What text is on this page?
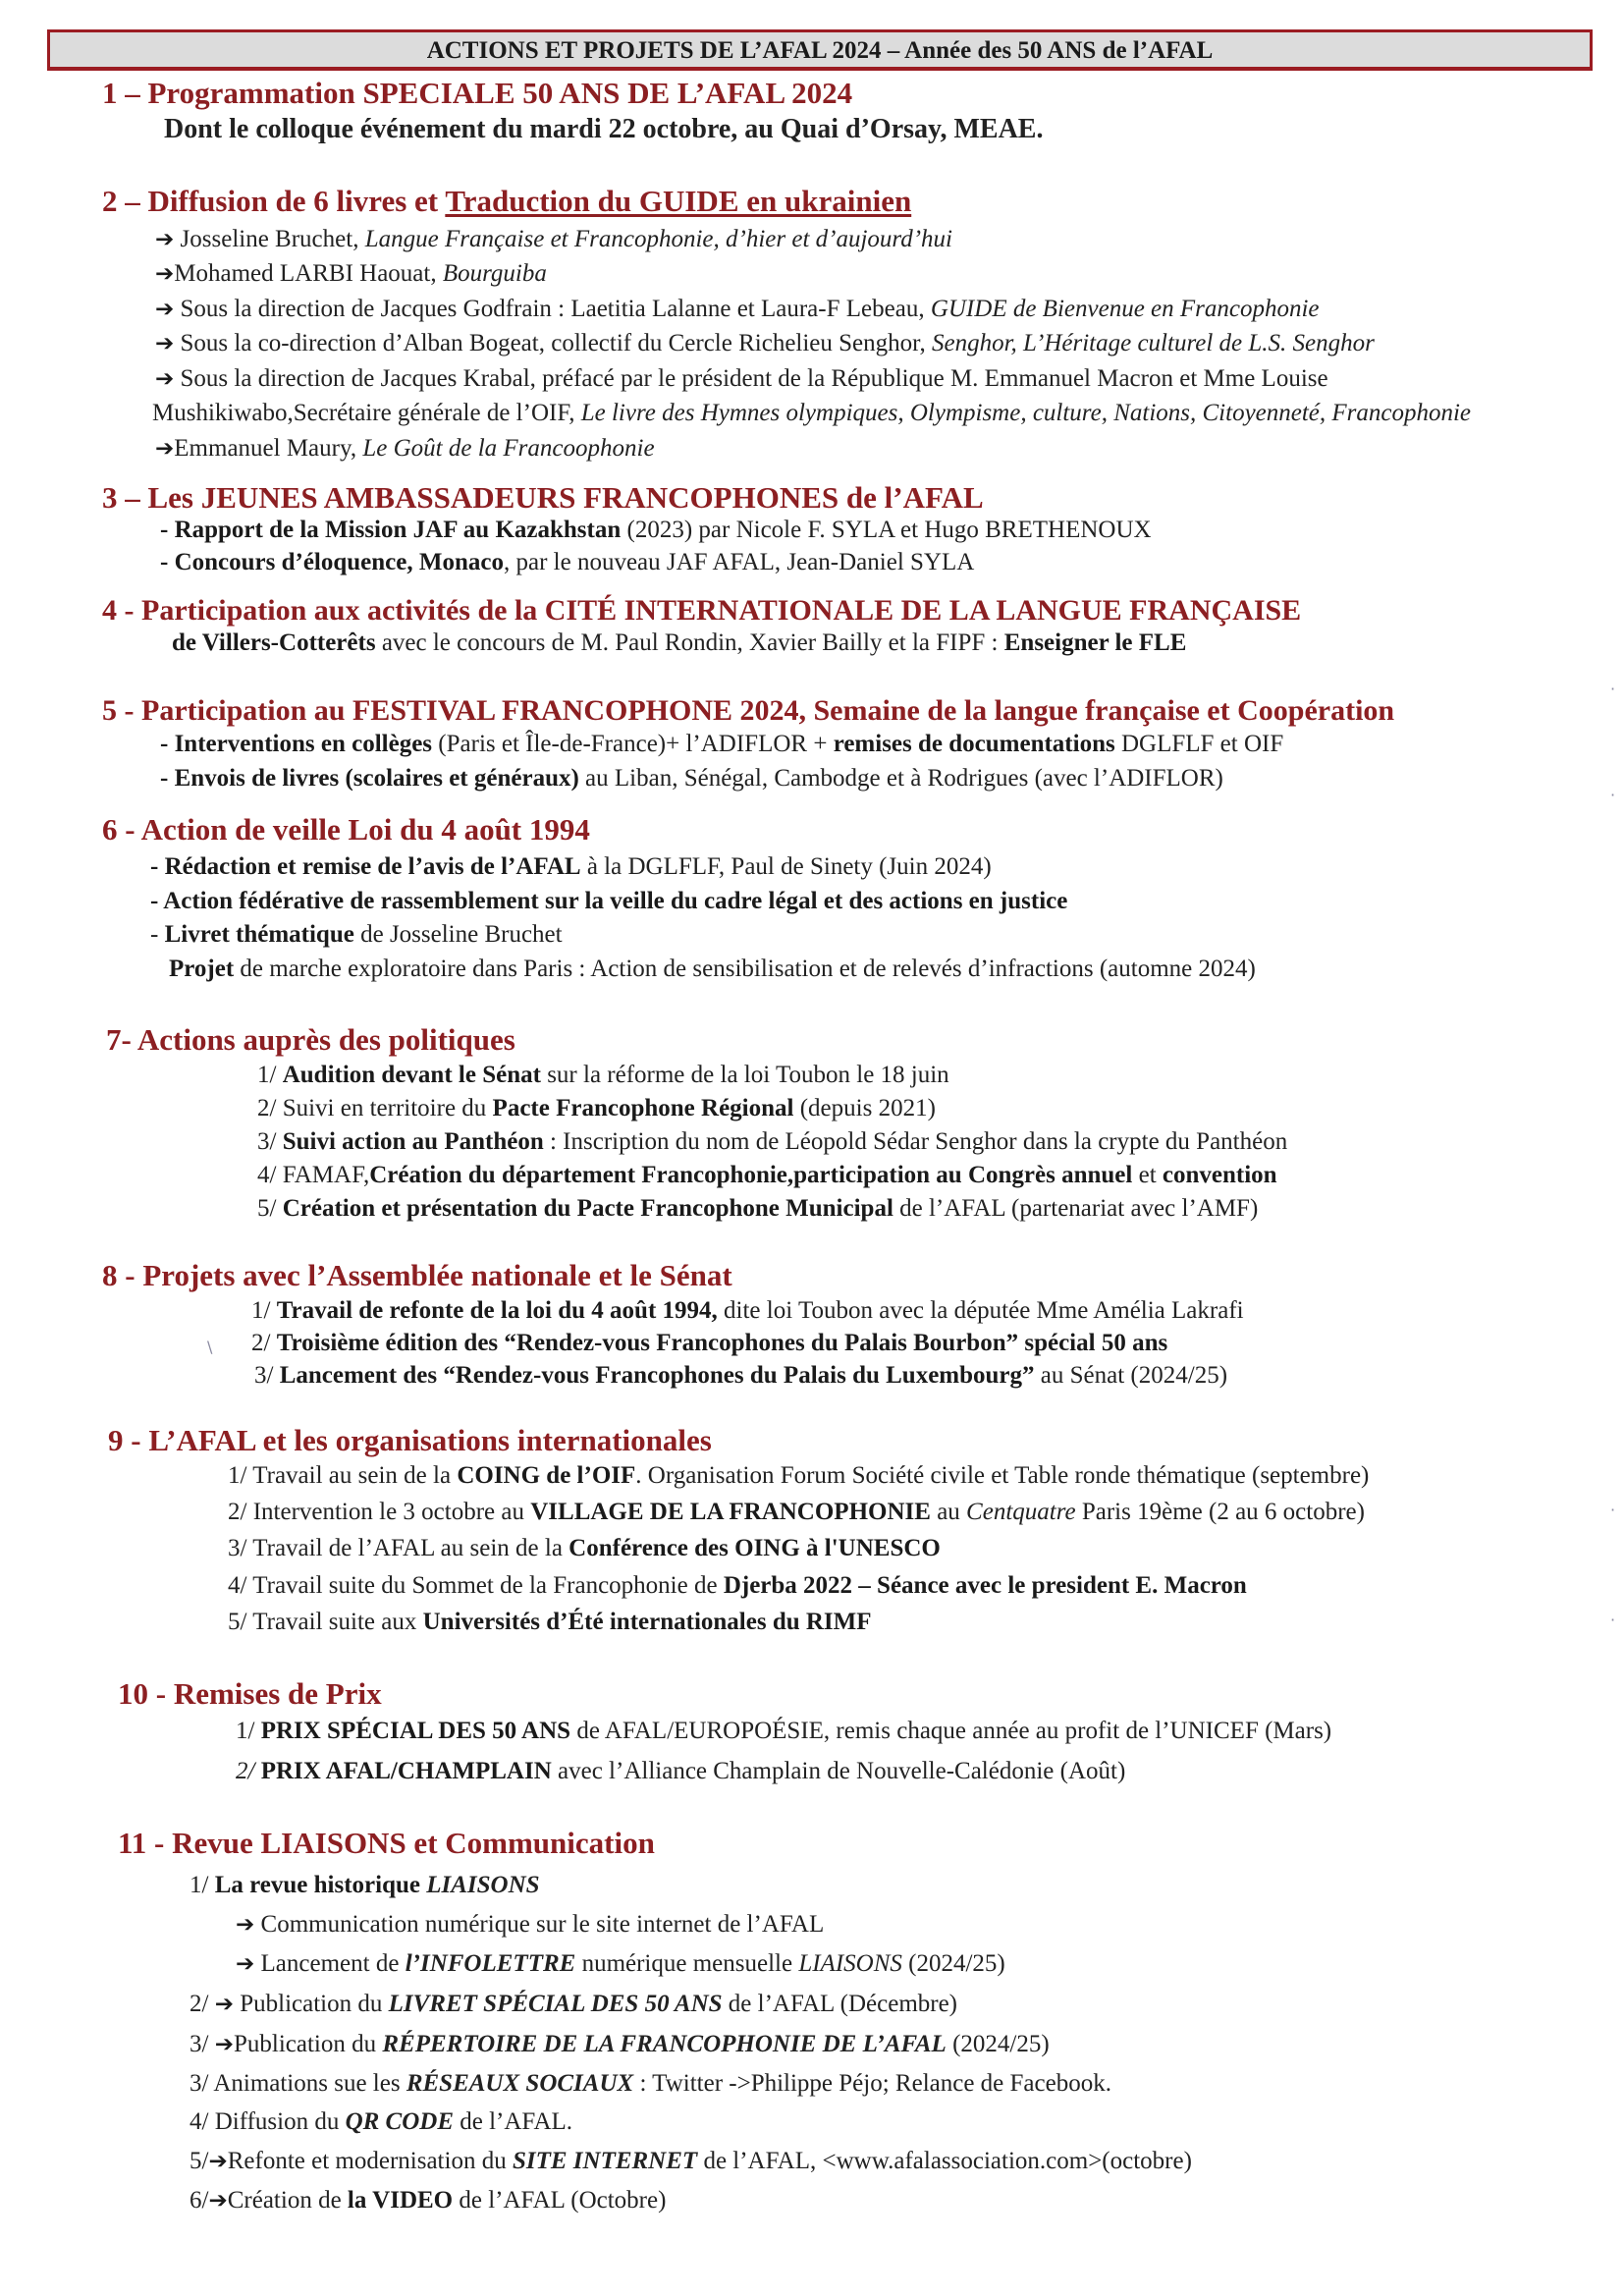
ACTIONS ET PROJETS DE L’AFAL 2024 – Année des 50 ANS de l’AFAL
1 – Programmation SPECIALE 50 ANS DE L’AFAL 2024
Dont le colloque événement du mardi 22 octobre, au Quai d’Orsay, MEAE.
2 – Diffusion de 6 livres et Traduction du GUIDE en ukrainien
➔ Josseline Bruchet, Langue Française et Francophonie, d’hier et d’aujourd’hui
➔Mohamed LARBI Haouat, Bourguiba
➔ Sous la direction de Jacques Godfrain : Laetitia Lalanne et Laura-F Lebeau, GUIDE de Bienvenue en Francophonie
➔ Sous la co-direction d’Alban Bogeat, collectif du Cercle Richelieu Senghor, Senghor, L’Héritage culturel de L.S. Senghor
➔ Sous la direction de Jacques Krabal, préfacé par le président de la République M. Emmanuel Macron et Mme Louise
Mushikiwabo,Secrétaire générale de l’OIF, Le livre des Hymnes olympiques, Olympisme, culture, Nations, Citoyenneté, Francophonie
➔Emmanuel Maury, Le Goût de la Francoophonie
3 – Les JEUNES AMBASSADEURS FRANCOPHONES de l’AFAL
- Rapport de la Mission JAF au Kazakhstan (2023) par Nicole F. SYLA et Hugo BRETHENOUX
- Concours d’éloquence, Monaco, par le nouveau JAF AFAL, Jean-Daniel SYLA
4 - Participation aux activités de la CITÉ INTERNATIONALE DE LA LANGUE FRANÇAISE
de Villers-Cotterêts avec le concours de M. Paul Rondin, Xavier Bailly et la FIPF : Enseigner le FLE
5 - Participation au FESTIVAL FRANCOPHONE 2024, Semaine de la langue française et Coopération
- Interventions en collèges (Paris et Île-de-France)+ l’ADIFLOR + remises de documentations DGLFLF et OIF
- Envois de livres (scolaires et généraux) au Liban, Sénégal, Cambodge et à Rodrigues (avec l’ADIFLOR)
6 - Action de veille Loi du 4 août 1994
- Rédaction et remise de l’avis de l’AFAL à la DGLFLF, Paul de Sinety (Juin 2024)
- Action fédérative de rassemblement sur la veille du cadre légal et des actions en justice
- Livret thématique de Josseline Bruchet
Projet de marche exploratoire dans Paris : Action de sensibilisation et de relevés d’infractions (automne 2024)
7- Actions auprès des politiques
1/ Audition devant le Sénat sur la réforme de la loi Toubon le 18 juin
2/ Suivi en territoire du Pacte Francophone Régional (depuis 2021)
3/ Suivi action au Panthéon : Inscription du nom de Léopold Sédar Senghor dans la crypte du Panthéon
4/ FAMAF,Création du département Francophonie,participation au Congrès annuel et convention
5/ Création et présentation du Pacte Francophone Municipal de l’AFAL (partenariat avec l’AMF)
8 - Projets avec l’Assemblée nationale et le Sénat
1/ Travail de refonte de la loi du 4 août 1994, dite loi Toubon avec la députée Mme Amélia Lakrafi
\ 2/ Troisième édition des “Rendez-vous Francophones du Palais Bourbon” spécial 50 ans
3/ Lancement des “Rendez-vous Francophones du Palais du Luxembourg” au Sénat (2024/25)
9 - L’AFAL et les organisations internationales
1/ Travail au sein de la COING de l’OIF. Organisation Forum Société civile et Table ronde thématique (septembre)
2/ Intervention le 3 octobre au VILLAGE DE LA FRANCOPHONIE au Centquatre Paris 19ème (2 au 6 octobre)
3/ Travail de l’AFAL au sein de la Conférence des OING à l'UNESCO
4/ Travail suite du Sommet de la Francophonie de Djerba 2022 – Séance avec le president E. Macron
5/ Travail suite aux Universités d’Été internationales du RIMF
10 - Remises de Prix
1/ PRIX SPÉCIAL DES 50 ANS de AFAL/EUROPOÉSIE, remis chaque année au profit de l’UNICEF (Mars)
2/ PRIX AFAL/CHAMPLAIN avec l’Alliance Champlain de Nouvelle-Calédonie (Août)
11 - Revue LIAISONS et Communication
1/ La revue historique LIAISONS
➔ Communication numérique sur le site internet de l’AFAL
➔ Lancement de l’INFOLETTRE numérique mensuelle LIAISONS (2024/25)
2/ ➔ Publication du LIVRET SPÉCIAL DES 50 ANS de l’AFAL (Décembre)
3/ ➔Publication du RÉPERTOIRE DE LA FRANCOPHONIE DE L’AFAL (2024/25)
3/ Animations sue les RÉSEAUX SOCIAUX : Twitter ->Philippe Péjo; Relance de Facebook.
4/ Diffusion du QR CODE de l’AFAL.
5/➔Refonte et modernisation du SITE INTERNET de l’AFAL, <www.afalassociation.com>(octobre)
6/➔Création de la VIDEO de l’AFAL (Octobre)
·
·
·
·
